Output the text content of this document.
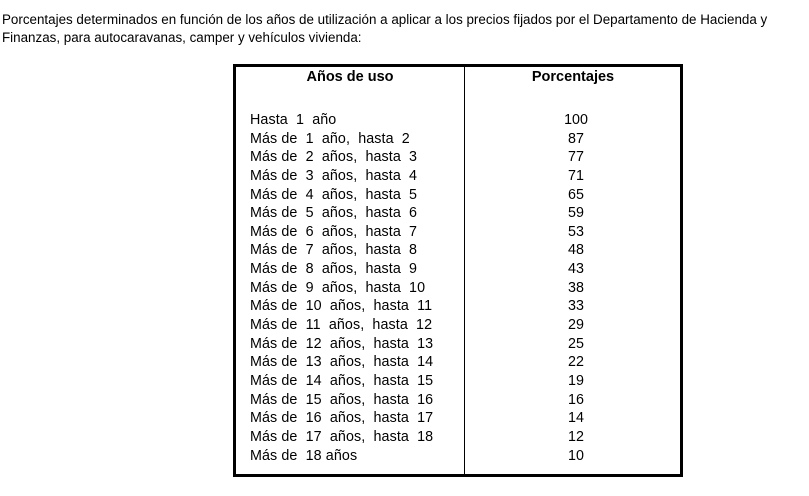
Porcentajes determinados en función de los años de utilización a aplicar a los precios fijados por el Departamento de Hacienda y
Finanzas, para autocaravanas, camper y vehículos vivienda:

Años de uso	Porcentajes
Hasta  1  año	100
Más de  1  año,  hasta  2	87
Más de  2  años,  hasta  3	77
Más de  3  años,  hasta  4	71
Más de  4  años,  hasta  5	65
Más de  5  años,  hasta  6	59
Más de  6  años,  hasta  7	53
Más de  7  años,  hasta  8	48
Más de  8  años,  hasta  9	43
Más de  9  años,  hasta  10	38
Más de  10  años,  hasta  11	33
Más de  11  años,  hasta  12	29
Más de  12  años,  hasta  13	25
Más de  13  años,  hasta  14	22
Más de  14  años,  hasta  15	19
Más de  15  años,  hasta  16	16
Más de  16  años,  hasta  17	14
Más de  17  años,  hasta  18	12
Más de  18 años	10
